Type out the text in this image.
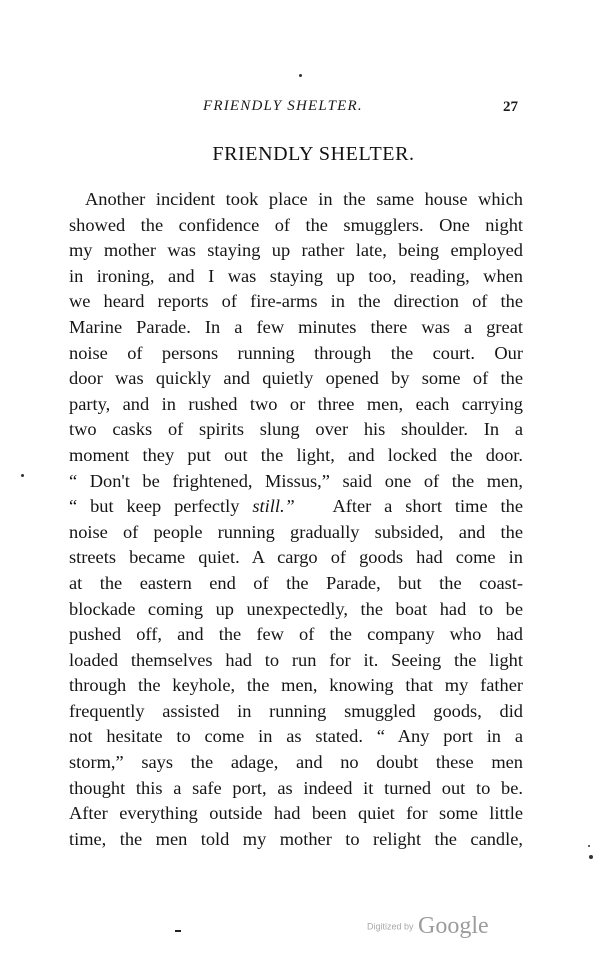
FRIENDLY SHELTER.	27
FRIENDLY SHELTER.
Another incident took place in the same house which
showed the confidence of the smugglers. One night
my mother was staying up rather late, being employed
in ironing, and I was staying up too, reading, when
we heard reports of fire-arms in the direction of the
Marine Parade. In a few minutes there was a great
noise of persons running through the court. Our
door was quickly and quietly opened by some of the
party, and in rushed two or three men, each carrying
two casks of spirits slung over his shoulder. In a
moment they put out the light, and locked the door.
“ Don't be frightened, Missus,” said one of the men,
“ but keep perfectly still.” After a short time the
noise of people running gradually subsided, and the
streets became quiet. A cargo of goods had come in
at the eastern end of the Parade, but the coast-
blockade coming up unexpectedly, the boat had to be
pushed off, and the few of the company who had
loaded themselves had to run for it. Seeing the light
through the keyhole, the men, knowing that my father
frequently assisted in running smuggled goods, did
not hesitate to come in as stated. “ Any port in a
storm,” says the adage, and no doubt these men
thought this a safe port, as indeed it turned out to be.
After everything outside had been quiet for some little
time, the men told my mother to relight the candle,
Digitized by Google
